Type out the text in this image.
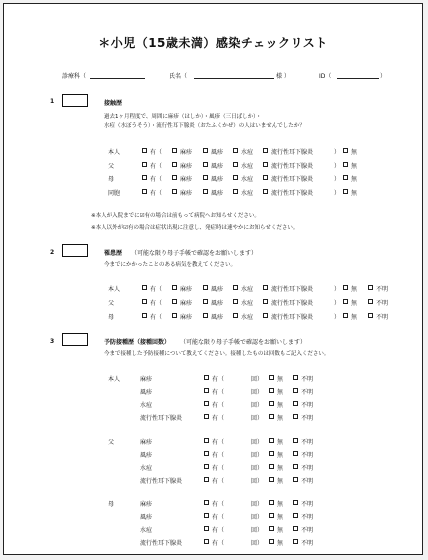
＊小児（15歳未満）感染チェックリスト
診療科（	氏名（	様 ）	ID（	）
1	接触歴
過去1ヶ月程度で、周囲に麻疹（はしか）・風疹（三日ばしか）・
水痘（水ぼうそう）・流行性耳下腺炎（おたふくかぜ）の人はいませんでしたか？
※本人が入院までに☑有の場合は前もって病院へお知らせください。
※本人以外が☑有の場合は症状出現に注意し、発症時は速やかにお知らせください。
2	罹患歴 （可能な限り母子手帳で確認をお願いします）
今までにかかったことのある病気を教えてください。
3	予防接種歴（接種回数） （可能な限り母子手帳で確認をお願いします）
今まで接種した予防接種について教えてください。接種したものは回数もご記入ください。
本人	有（	麻疹	風疹	水痘	流行性耳下腺炎	） 無
父	有（	麻疹	風疹	水痘	流行性耳下腺炎	） 無
母	有（	麻疹	風疹	水痘	流行性耳下腺炎	） 無
同胞	有（	麻疹	風疹	水痘	流行性耳下腺炎	） 無
本人	有（	麻疹	風疹	水痘	流行性耳下腺炎	） 無	不明
父	有（	麻疹	風疹	水痘	流行性耳下腺炎	） 無	不明
母	有（	麻疹	風疹	水痘	流行性耳下腺炎	） 無	不明
本人	麻疹	有（	回） 無	不明
風疹	有（	回） 無	不明
水痘	有（	回） 無	不明
流行性耳下腺炎	有（	回） 無	不明
父	麻疹	有（	回） 無	不明
風疹	有（	回） 無	不明
水痘	有（	回） 無	不明
流行性耳下腺炎	有（	回） 無	不明
母	麻疹	有（	回） 無	不明
風疹	有（	回） 無	不明
水痘	有（	回） 無	不明
流行性耳下腺炎	有（	回） 無	不明
